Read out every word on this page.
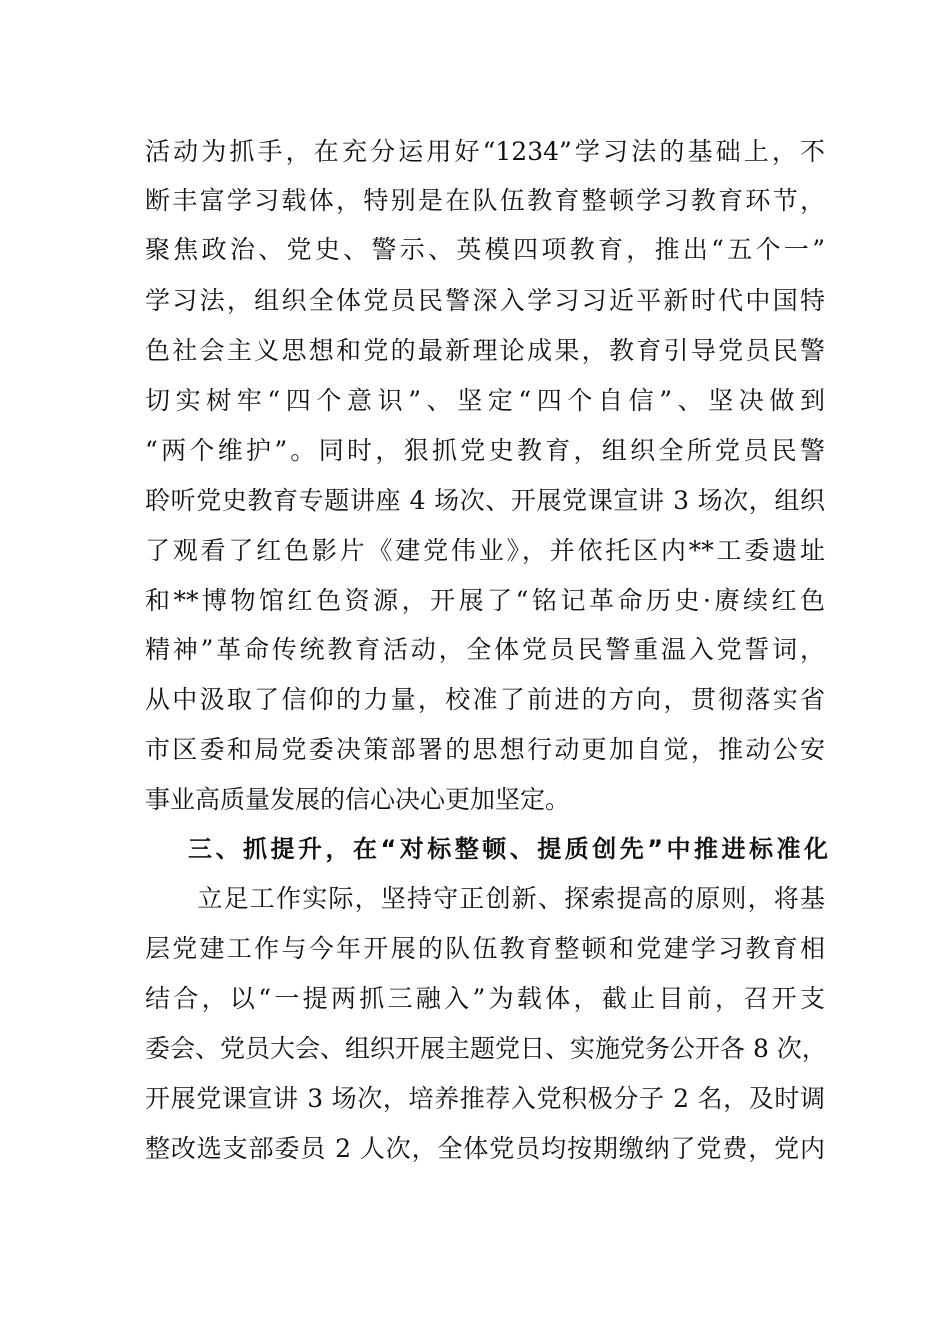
活动为抓手，在充分运用好“1234”学习法的基础上，不
断丰富学习载体，特别是在队伍教育整顿学习教育环节，
聚焦政治、党史、警示、英模四项教育，推出“五个一”
学习法，组织全体党员民警深入学习习近平新时代中国特
色社会主义思想和党的最新理论成果，教育引导党员民警
切实树牢“四个意识”、坚定“四个自信”、坚决做到
“两个维护”。同时，狠抓党史教育，组织全所党员民警
聆听党史教育专题讲座 4 场次、开展党课宣讲 3 场次，组织
了观看了红色影片《建党伟业》，并依托区内**工委遗址
和**博物馆红色资源，开展了“铭记革命历史·赓续红色
精神”革命传统教育活动，全体党员民警重温入党誓词，
从中汲取了信仰的力量，校准了前进的方向，贯彻落实省
市区委和局党委决策部署的思想行动更加自觉，推动公安
事业高质量发展的信心决心更加坚定。
三、抓提升，在“对标整顿、提质创先”中推进标准化
　　立足工作实际，坚持守正创新、探索提高的原则，将基
层党建工作与今年开展的队伍教育整顿和党建学习教育相
结合，以“一提两抓三融入”为载体，截止目前，召开支
委会、党员大会、组织开展主题党日、实施党务公开各 8 次，
开展党课宣讲 3 场次，培养推荐入党积极分子 2 名，及时调
整改选支部委员 2 人次，全体党员均按期缴纳了党费，党内
